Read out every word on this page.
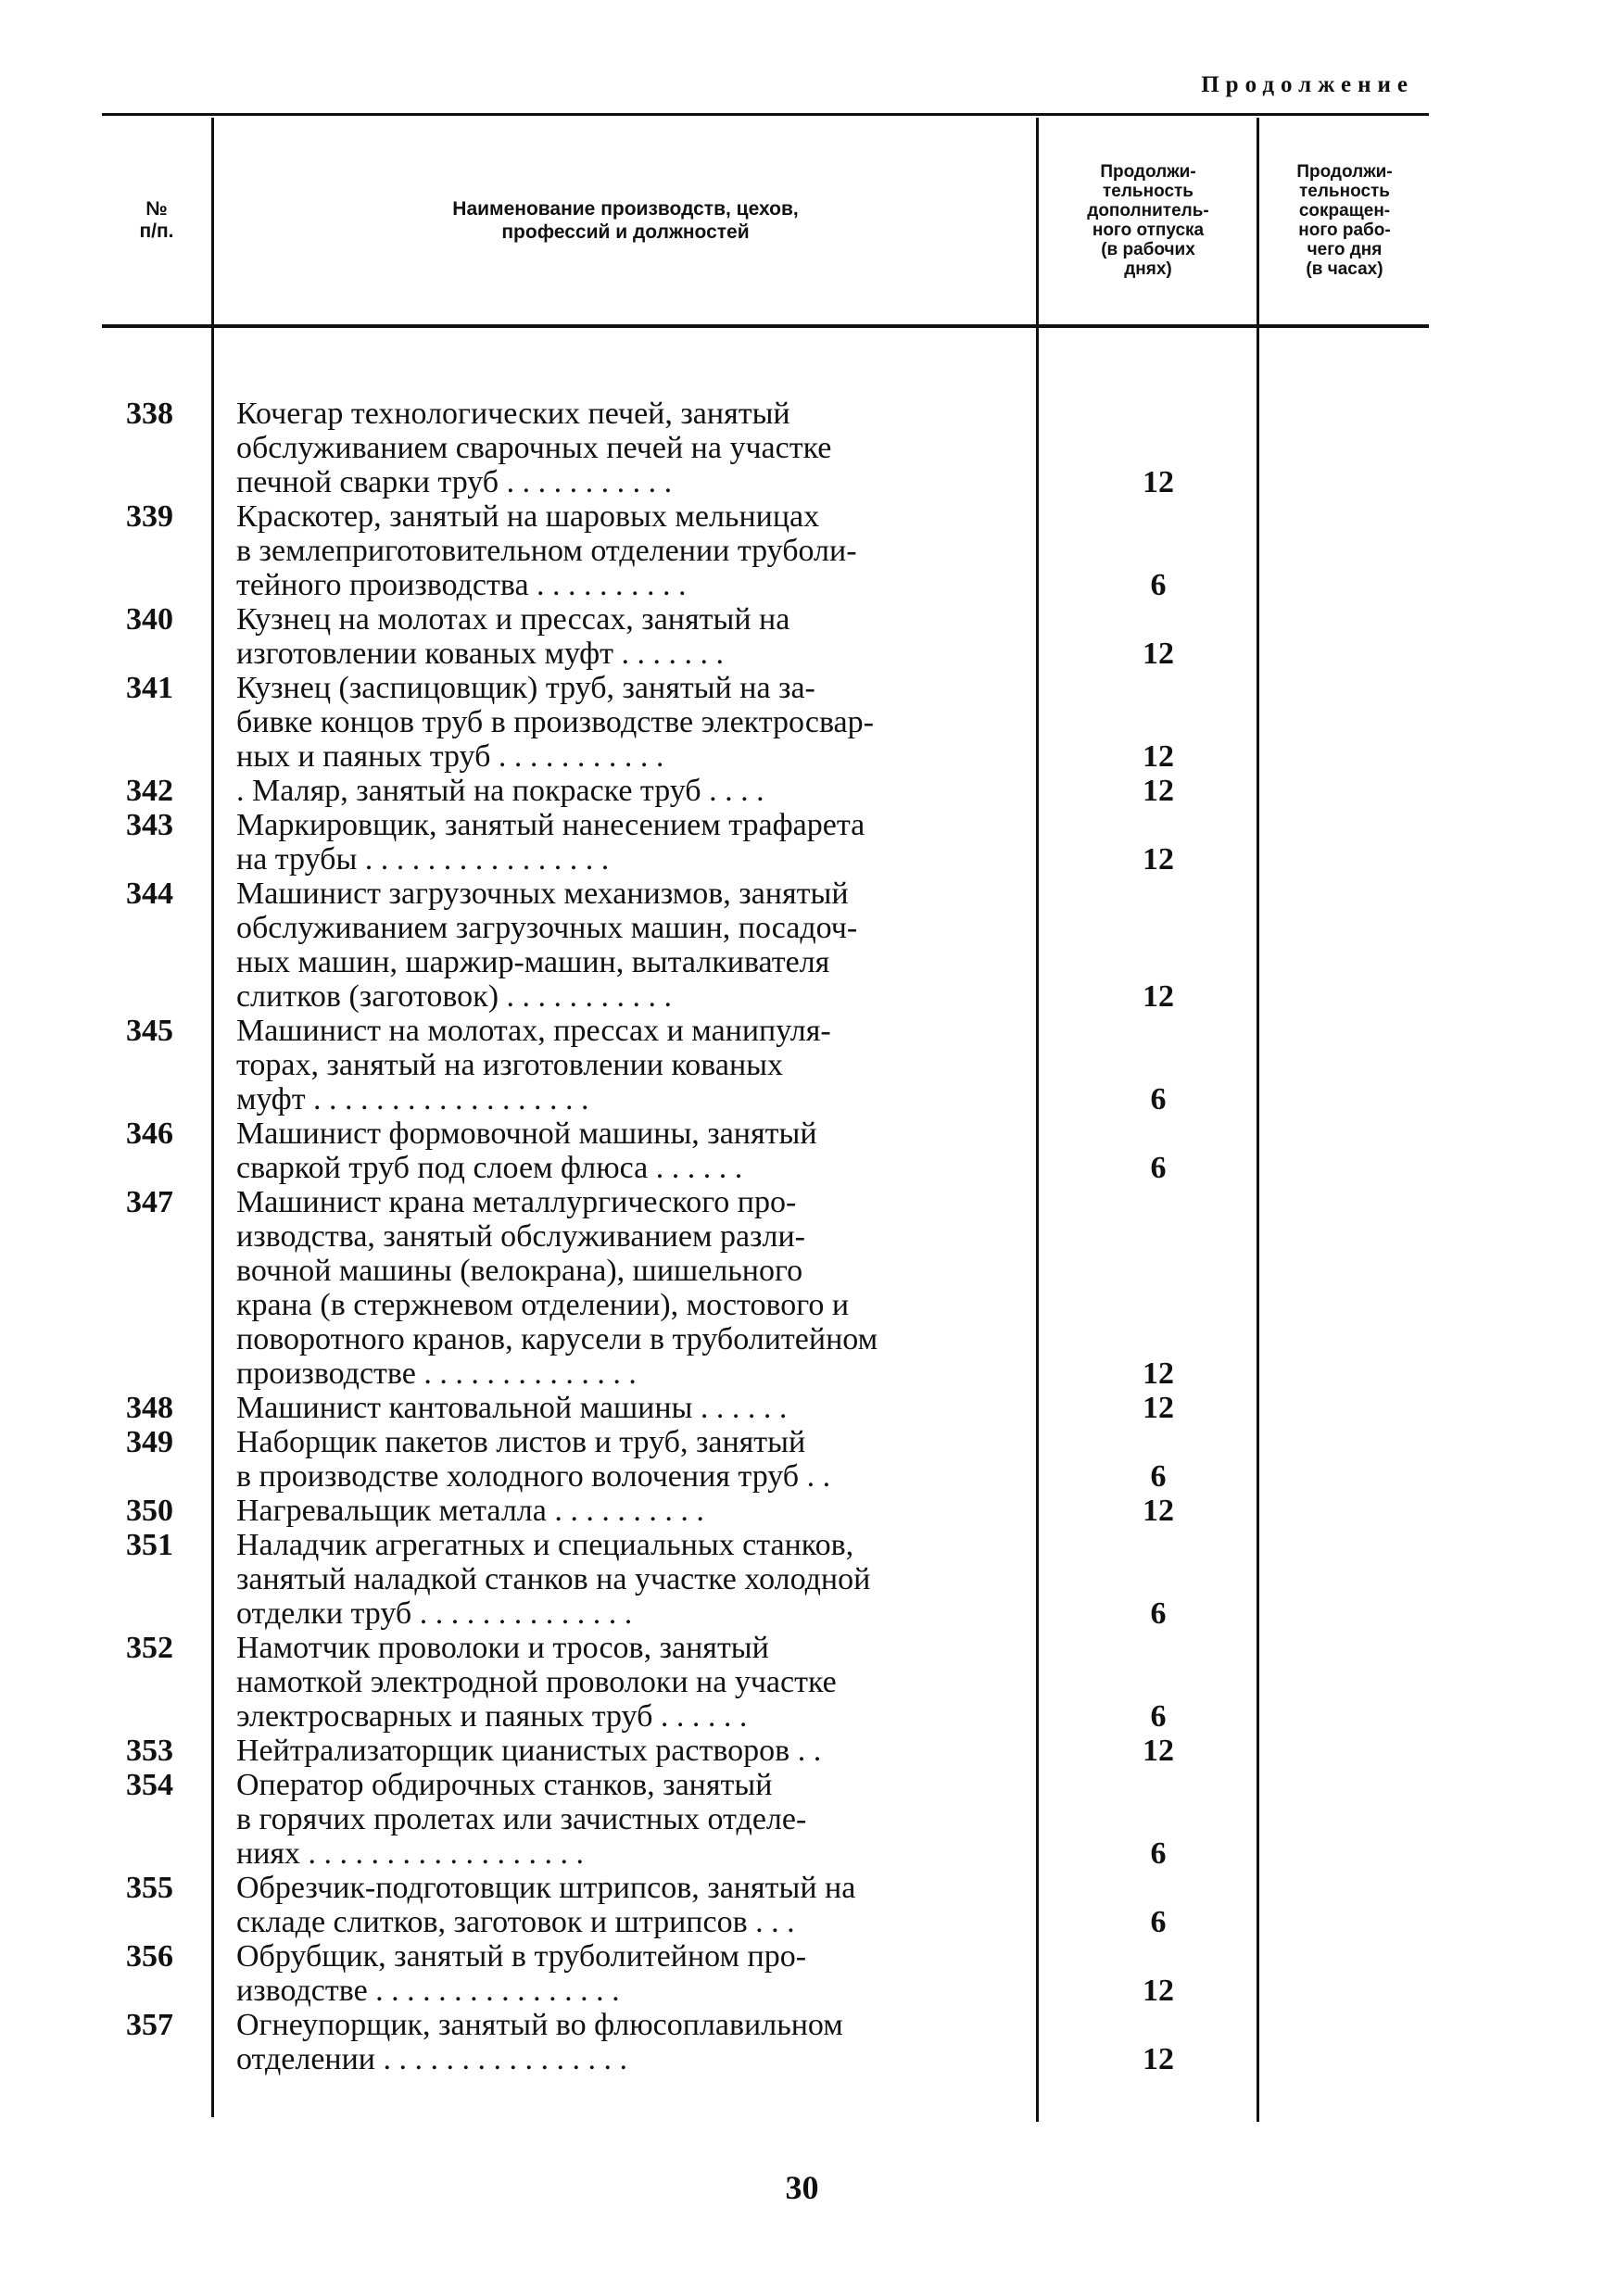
Продолжение
№
п/п.
Наименование производств, цехов,
профессий и должностей
Продолжи-
тельность
дополнитель-
ного отпуска
(в рабочих
днях)
Продолжи-
тельность
сокращен-
ного рабо-
чего дня
(в часах)
338	Кочегар технологических печей, занятый
обслуживанием сварочных печей на участке
печной сварки труб . . . . . . . . . . .	12
339	Краскотер, занятый на шаровых мельницах
в землеприготовительном отделении труболи-
тейного производства . . . . . . . . . .	6
340	Кузнец на молотах и прессах, занятый на
изготовлении кованых муфт . . . . . . .	12
341	Кузнец (заспицовщик) труб, занятый на за-
бивке концов труб в производстве электросвар-
ных и паяных труб . . . . . . . . . . .	12
342	. Маляр, занятый на покраске труб . . . .	12
343	Маркировщик, занятый нанесением трафарета
на трубы . . . . . . . . . . . . . . . .	12
344	Машинист загрузочных механизмов, занятый
обслуживанием загрузочных машин, посадоч-
ных машин, шаржир-машин, выталкивателя
слитков (заготовок) . . . . . . . . . . .	12
345	Машинист на молотах, прессах и манипуля-
торах, занятый на изготовлении кованых
муфт . . . . . . . . . . . . . . . . . .	6
346	Машинист формовочной машины, занятый
сваркой труб под слоем флюса . . . . . .	6
347	Машинист крана металлургического про-
изводства, занятый обслуживанием разли-
вочной машины (велокрана), шишельного
крана (в стержневом отделении), мостового и
поворотного кранов, карусели в труболитейном
производстве . . . . . . . . . . . . . .	12
348	Машинист кантовальной машины . . . . . .	12
349	Наборщик пакетов листов и труб, занятый
в производстве холодного волочения труб . .	6
350	Нагревальщик металла . . . . . . . . . .	12
351	Наладчик агрегатных и специальных станков,
занятый наладкой станков на участке холодной
отделки труб . . . . . . . . . . . . . .	6
352	Намотчик проволоки и тросов, занятый
намоткой электродной проволоки на участке
электросварных и паяных труб . . . . . .	6
353	Нейтрализаторщик цианистых растворов . .	12
354	Оператор обдирочных станков, занятый
в горячих пролетах или зачистных отделе-
ниях . . . . . . . . . . . . . . . . . .	6
355	Обрезчик-подготовщик штрипсов, занятый на
складе слитков, заготовок и штрипсов . . .	6
356	Обрубщик, занятый в труболитейном про-
изводстве . . . . . . . . . . . . . . . .	12
357	Огнеупорщик, занятый во флюсоплавильном
отделении . . . . . . . . . . . . . . . .	12
30
